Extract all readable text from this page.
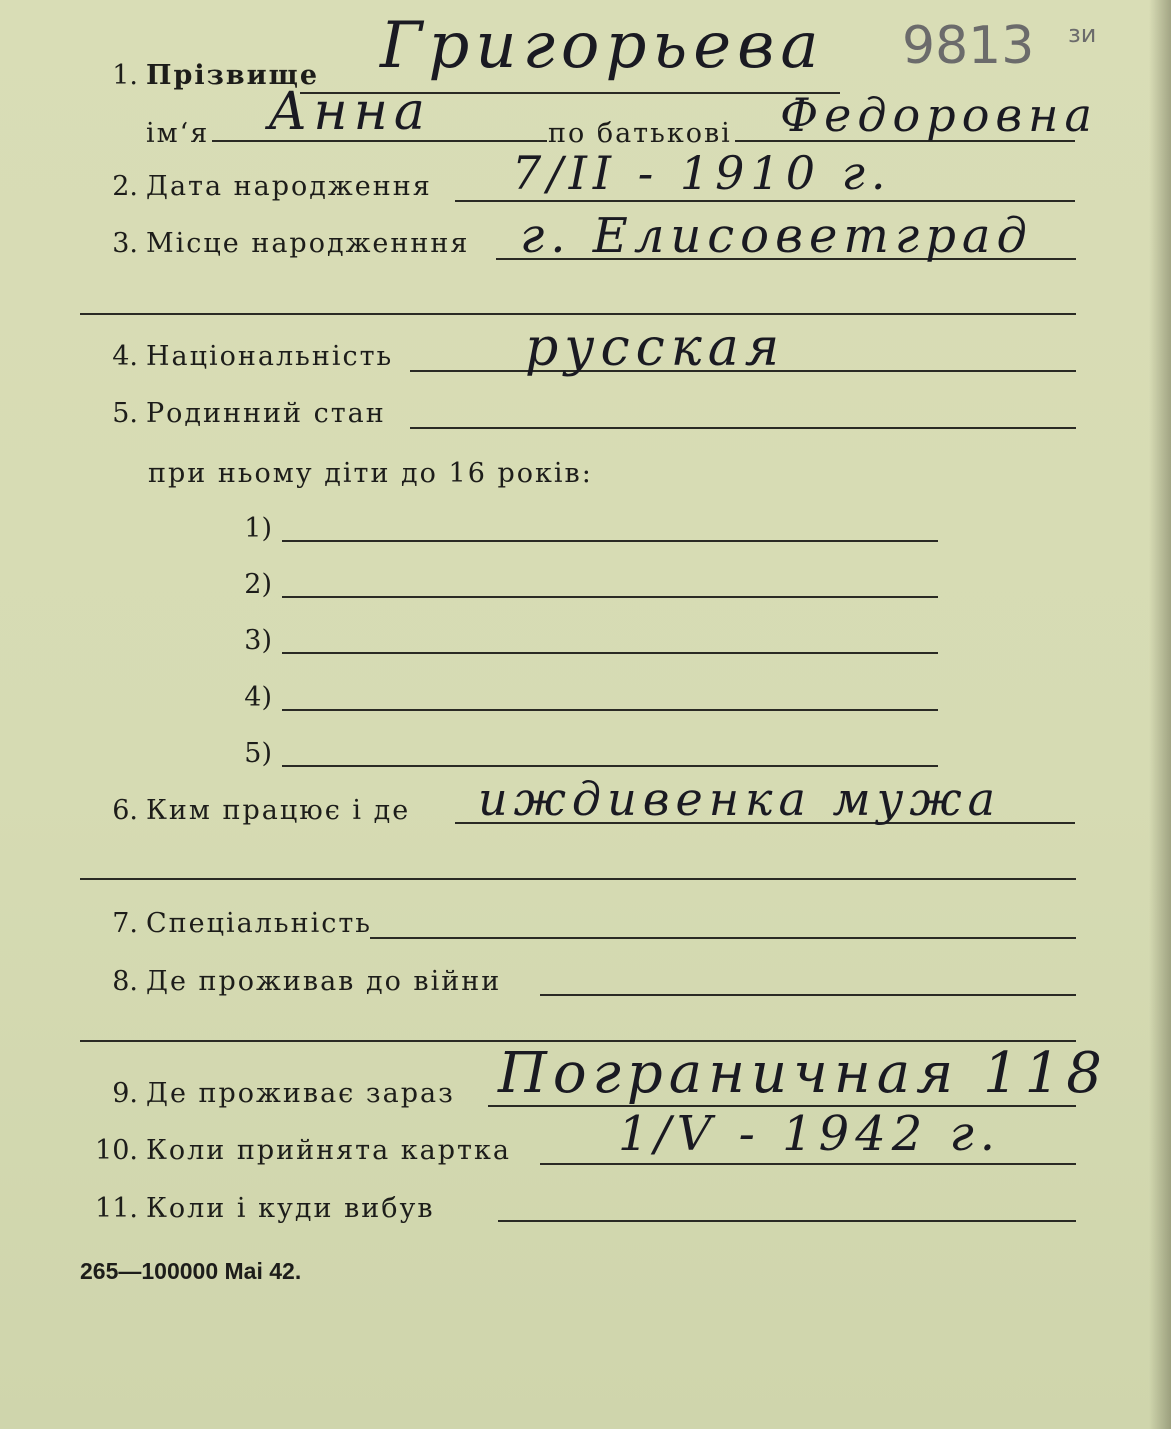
1. Прізвище Григорьева 9813 зи
ім‘я Анна	по батькові Федоровна
2. Дата народження 7/II - 1910 г.
3. Місце народженння г. Елисоветград
4. Національність	русская
5. Родинний стан
при ньому діти до 16 років:
1)
2)
3)
4)
5)
6. Ким працює і де иждивенка мужа
7. Спеціальність
8. Де проживав до війни
9. Де проживає зараз Пограничная 118
10. Коли прийнята картка 1/V - 1942 г.
11. Коли і куди вибув
265—100000 Mai 42.
